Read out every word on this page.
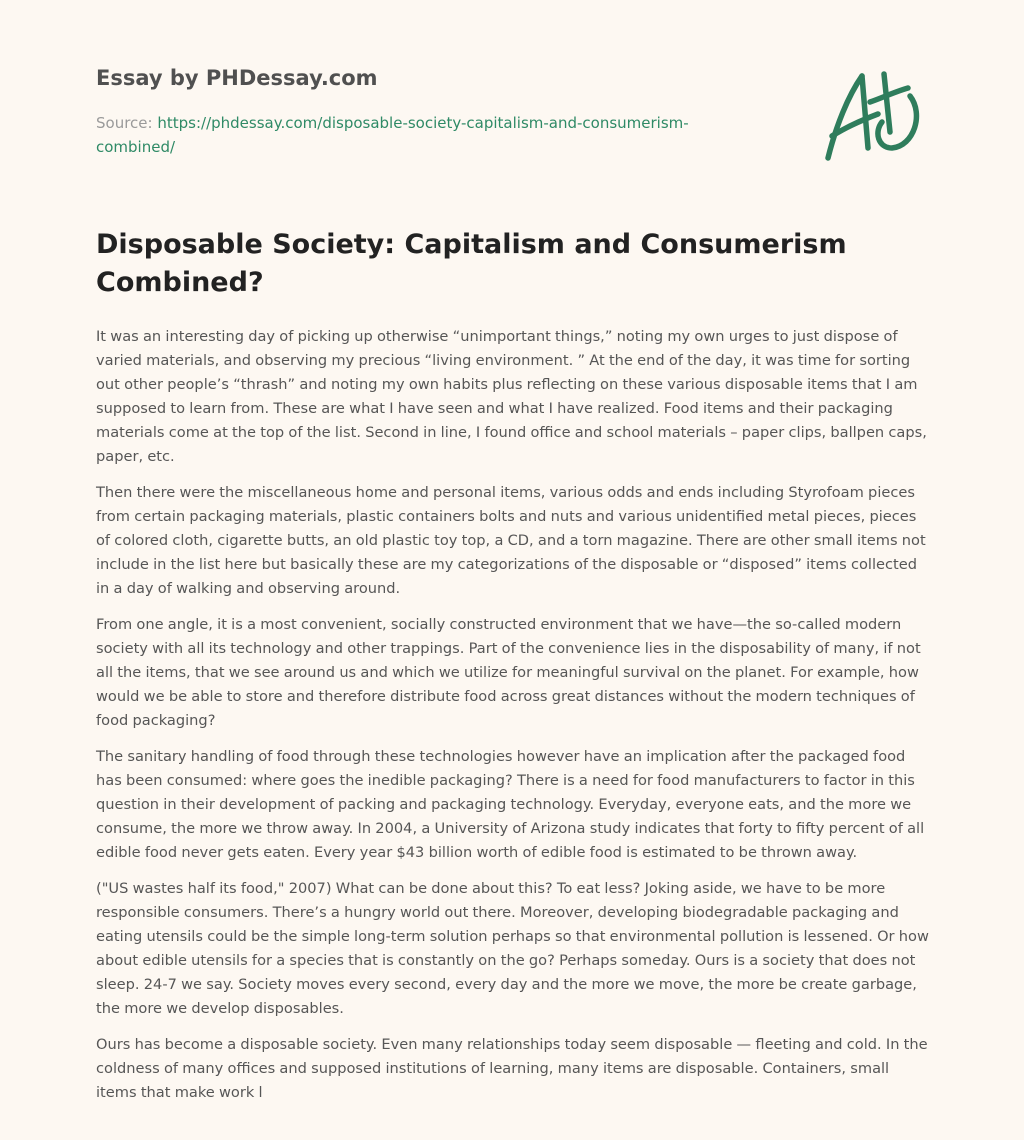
Essay by PHDessay.com
Source: https://phdessay.com/disposable-society-capitalism-and-consumerism-combined/
Disposable Society: Capitalism and Consumerism Combined?

It was an interesting day of picking up otherwise “unimportant things,” noting my own urges to just dispose of varied materials, and observing my precious “living environment. ” At the end of the day, it was time for sorting out other people’s “thrash” and noting my own habits plus reflecting on these various disposable items that I am supposed to learn from. These are what I have seen and what I have realized. Food items and their packaging materials come at the top of the list. Second in line, I found office and school materials – paper clips, ballpen caps, paper, etc.

Then there were the miscellaneous home and personal items, various odds and ends including Styrofoam pieces from certain packaging materials, plastic containers bolts and nuts and various unidentified metal pieces, pieces of colored cloth, cigarette butts, an old plastic toy top, a CD, and a torn magazine. There are other small items not include in the list here but basically these are my categorizations of the disposable or “disposed” items collected in a day of walking and observing around.

From one angle, it is a most convenient, socially constructed environment that we have—the so-called modern society with all its technology and other trappings. Part of the convenience lies in the disposability of many, if not all the items, that we see around us and which we utilize for meaningful survival on the planet. For example, how would we be able to store and therefore distribute food across great distances without the modern techniques of food packaging?

The sanitary handling of food through these technologies however have an implication after the packaged food has been consumed: where goes the inedible packaging? There is a need for food manufacturers to factor in this question in their development of packing and packaging technology. Everyday, everyone eats, and the more we consume, the more we throw away. In 2004, a University of Arizona study indicates that forty to fifty percent of all edible food never gets eaten. Every year $43 billion worth of edible food is estimated to be thrown away.

("US wastes half its food," 2007) What can be done about this? To eat less? Joking aside, we have to be more responsible consumers. There’s a hungry world out there. Moreover, developing biodegradable packaging and eating utensils could be the simple long-term solution perhaps so that environmental pollution is lessened. Or how about edible utensils for a species that is constantly on the go? Perhaps someday. Ours is a society that does not sleep. 24-7 we say. Society moves every second, every day and the more we move, the more be create garbage, the more we develop disposables.

Ours has become a disposable society. Even many relationships today seem disposable — fleeting and cold. In the coldness of many offices and supposed institutions of learning, many items are disposable. Containers, small items that make work l
